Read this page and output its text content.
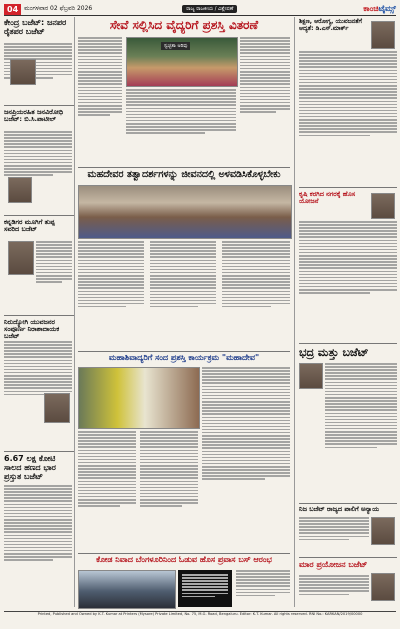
04	ಮಂಗಳವಾರ 02 ಫೆಬ್ರವರಿ 2026	ರಾಜ್ಯ ರಾಜಕೀಯ / ವಿಶ್ಲೇಷಣೆ	ಕಾಂಚಿಟೈಮ್ಸ್
ಕೇಂದ್ರ ಬಜೆಟ್: ಜನಪರ ರೈತಪರ ಬಜೆಟ್
ಜನಪ್ರಿಯರಹಿತ ಜನವಿರೋಧಿ ಬಜೆಟ್: ಬಿ.ಸಿ.ಪಾಟೀಲ್
ಕನ್ನಡಿಗರ ಮೂಗಿಗೆ ತುಪ್ಪ ಸವರಿದ ಬಜೆಟ್
ನಿರುದ್ಯೋಗಿ ಯುವಜನರ ಸಂಪೂರ್ಣ ನಿರಾಶಾದಾಯಕ ಬಜೆಟ್
6.67 ಲಕ್ಷ ಕೋಟಿ ಸಾಲದ ಹಣದ ಭಾರ ಪ್ರಸ್ತುತ ಬಜೆಟ್
ಸೇವೆ ಸಲ್ಲಿಸಿದ ವೈದ್ಯರಿಗೆ ಪ್ರಶಸ್ತಿ ವಿತರಣೆ
ಸ್ವಚ್ಛತಾ ಅರಿವು
ಮಹದೇವರ ತತ್ವಾದರ್ಶಗಳನ್ನು ಜೀವನದಲ್ಲಿ ಅಳವಡಿಸಿಕೊಳ್ಳಬೇಕು
ಮಹಾಶಿವಾದ್ಯರಿಗೆ ಸಂದ ಪ್ರಶಸ್ತಿ ಕಾರ್ಯಕ್ರಮ "ಮಹಾದೇವ"
ಕೋಡ ನಿವಾದ ಬೆಂಗಳೂರಿನಿಂದ ಓಡುವ ಹೊಸ ಪ್ರವಾಸ ಬಸ್ ಆರಂಭ
ಶಿಕ್ಷಣ, ಆರೋಗ್ಯ, ಯುವಜನತೆಗೆ ಆದ್ಯತೆ: ಡಿ.ಎಸ್.ಮಾರ್ಕ್
ಕೃಷಿ ಕರಗಿದ ನಗರಕ್ಕೆ ಹೊಸ ಯೋಜನೆ
ಭದ್ರ ಮತ್ತು ಬಜೆಟ್
ನಿಜ ಬಜೆಟ್ ರಾಜ್ಯದ ಪಾಲಿಗೆ ಅನ್ಯಾಯ
ಮಾರ ಪ್ರಯೋಜನ ಬಜೆಟ್
Printed, Published and Owned by K.T. Kumar at Printers (Mysore) Private Limited, No. 75, M.G. Road, Bengaluru. Editor: K.T. Kumar. All rights reserved. RNI No.: KARKAN/2019/00000
